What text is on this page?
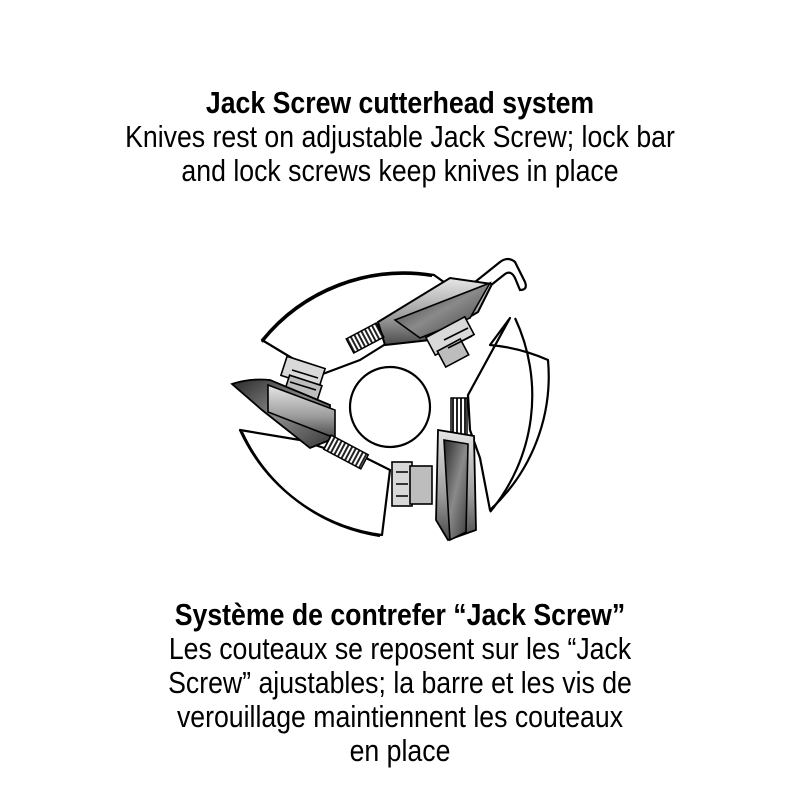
Jack Screw cutterhead system
Knives rest on adjustable Jack Screw; lock bar
and lock screws keep knives in place
Système de contrefer “Jack Screw”
Les couteaux se reposent sur les “Jack
Screw” ajustables; la barre et les vis de
verouillage maintiennent les couteaux
en place
